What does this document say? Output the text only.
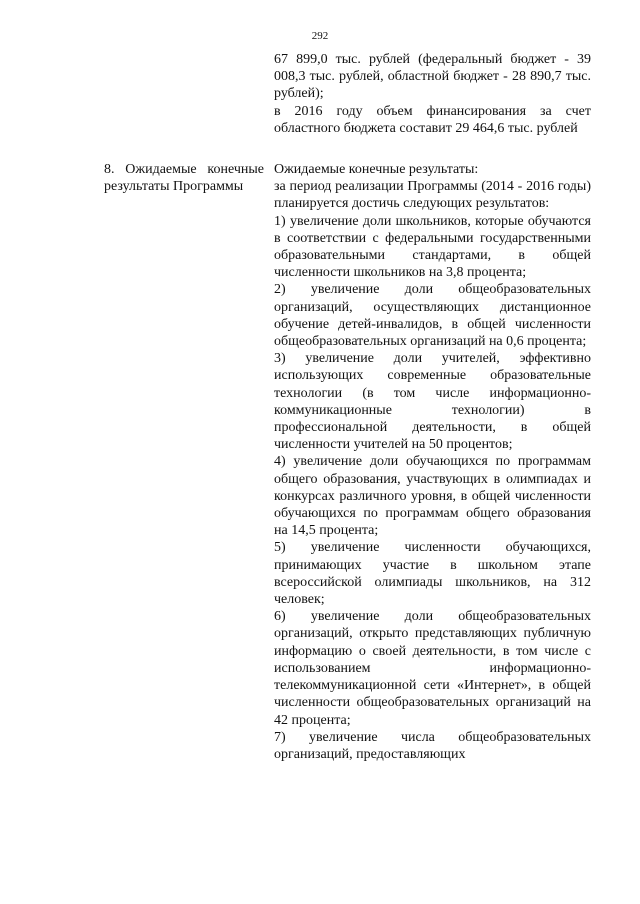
292

67 899,0 тыс. рублей (федеральный бюджет - 39 008,3 тыс. рублей, областной бюджет - 28 890,7 тыс. рублей);

в 2016 году объем финансирования за счет областного бюджета составит 29 464,6 тыс. рублей

8. Ожидаемые конечные результаты Программы

Ожидаемые конечные результаты:

за период реализации Программы (2014 - 2016 годы) планируется достичь следующих результатов:

1) увеличение доли школьников, которые обучаются в соответствии с федеральными государственными образовательными стандартами, в общей численности школьников на 3,8 процента;

2) увеличение доли общеобразовательных организаций, осуществляющих дистанционное обучение детей-инвалидов, в общей численности общеобразовательных организаций на 0,6 процента;

3) увеличение доли учителей, эффективно использующих современные образовательные технологии (в том числе информационно-коммуникационные технологии) в профессиональной деятельности, в общей численности учителей на 50 процентов;

4) увеличение доли обучающихся по программам общего образования, участвующих в олимпиадах и конкурсах различного уровня, в общей численности обучающихся по программам общего образования на 14,5 процента;

5) увеличение численности обучающихся, принимающих участие в школьном этапе всероссийской олимпиады школьников, на 312 человек;

6) увеличение доли общеобразовательных организаций, открыто представляющих публичную информацию о своей деятельности, в том числе с использованием информационно-телекоммуникационной сети «Интернет», в общей численности общеобразовательных организаций на 42 процента;

7) увеличение числа общеобразовательных организаций, предоставляющих
